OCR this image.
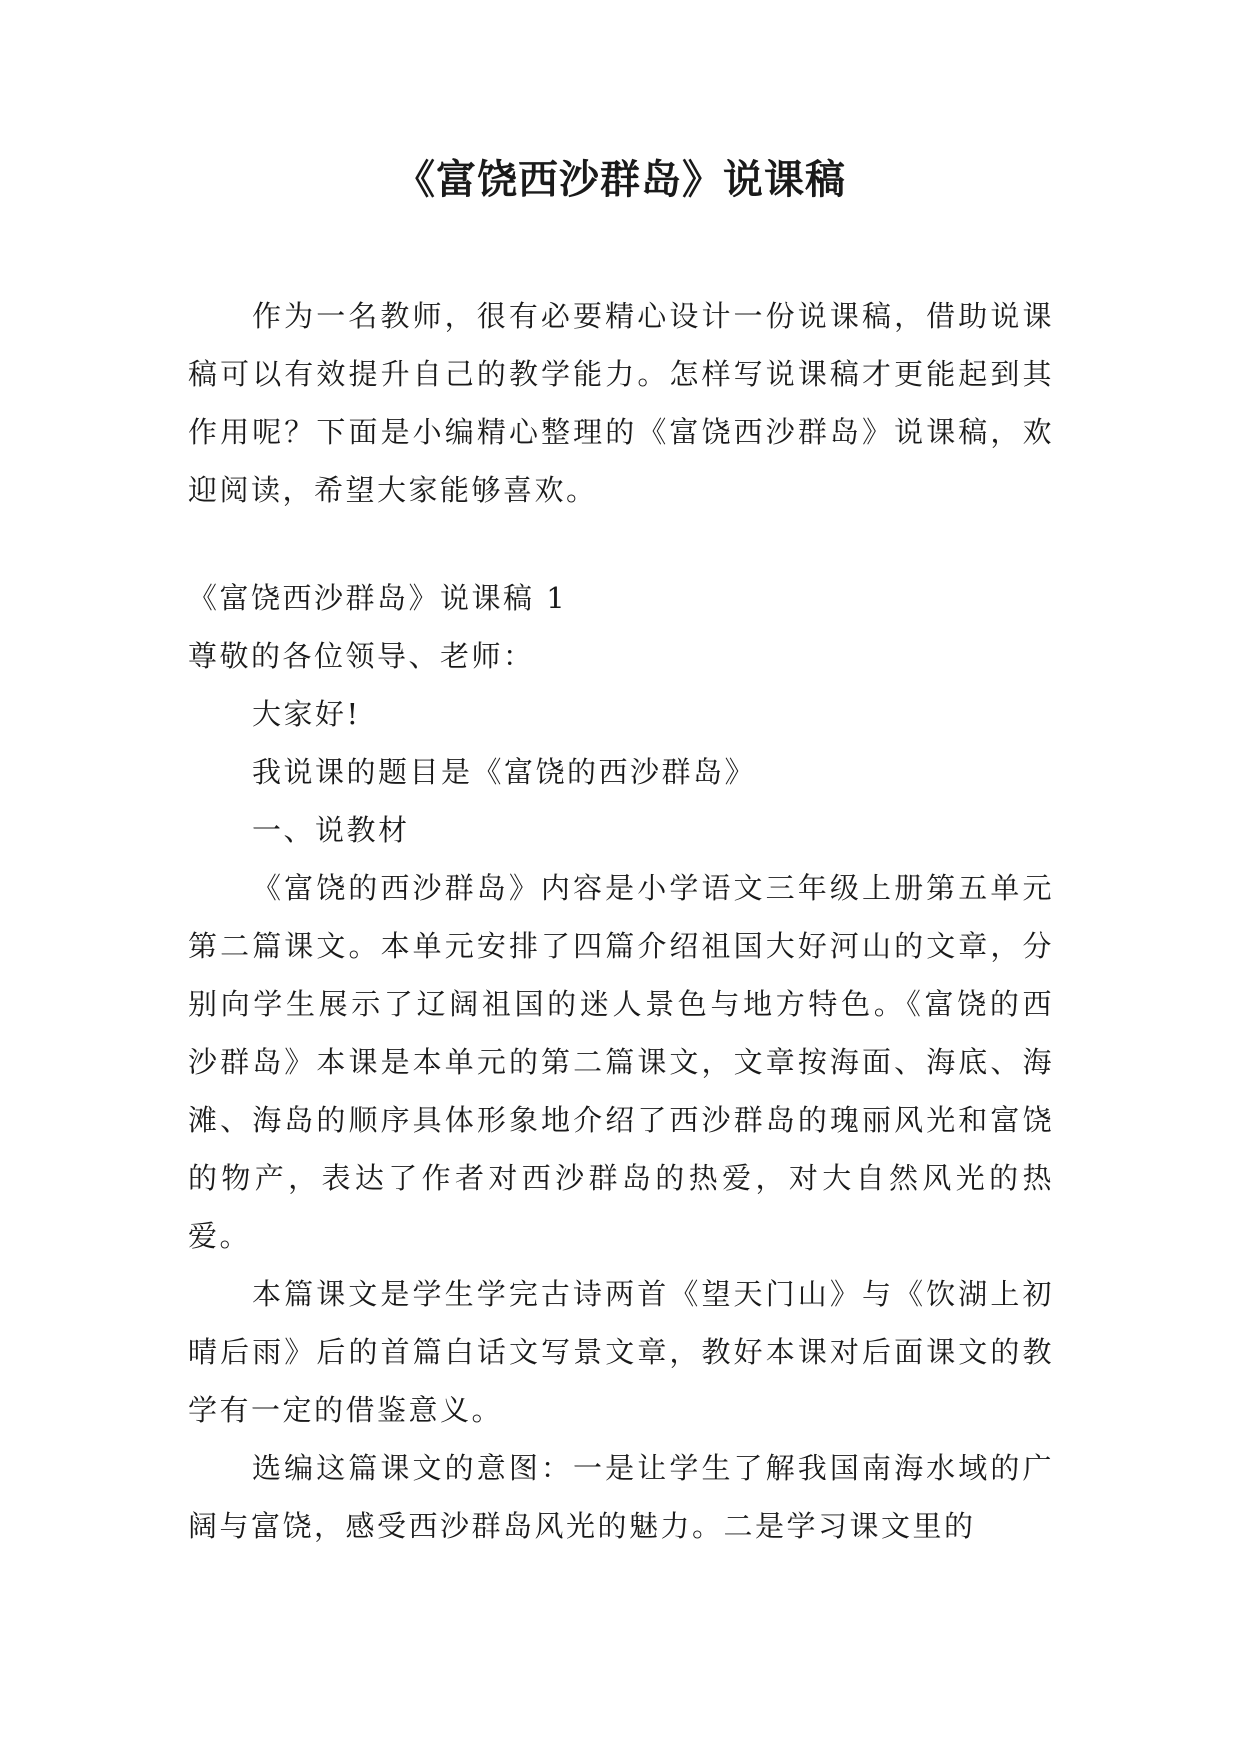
《富饶西沙群岛》说课稿

作为一名教师，很有必要精心设计一份说课稿，借助说课稿可以有效提升自己的教学能力。怎样写说课稿才更能起到其作用呢？下面是小编精心整理的《富饶西沙群岛》说课稿，欢迎阅读，希望大家能够喜欢。

《富饶西沙群岛》说课稿 1

尊敬的各位领导、老师：

大家好!

我说课的题目是《富饶的西沙群岛》

一、说教材

《富饶的西沙群岛》内容是小学语文三年级上册第五单元第二篇课文。本单元安排了四篇介绍祖国大好河山的文章，分别向学生展示了辽阔祖国的迷人景色与地方特色。《富饶的西沙群岛》本课是本单元的第二篇课文，文章按海面、海底、海滩、海岛的顺序具体形象地介绍了西沙群岛的瑰丽风光和富饶的物产，表达了作者对西沙群岛的热爱，对大自然风光的热爱。

本篇课文是学生学完古诗两首《望天门山》与《饮湖上初晴后雨》后的首篇白话文写景文章，教好本课对后面课文的教学有一定的借鉴意义。

选编这篇课文的意图：一是让学生了解我国南海水域的广阔与富饶，感受西沙群岛风光的魅力。二是学习课文里的
